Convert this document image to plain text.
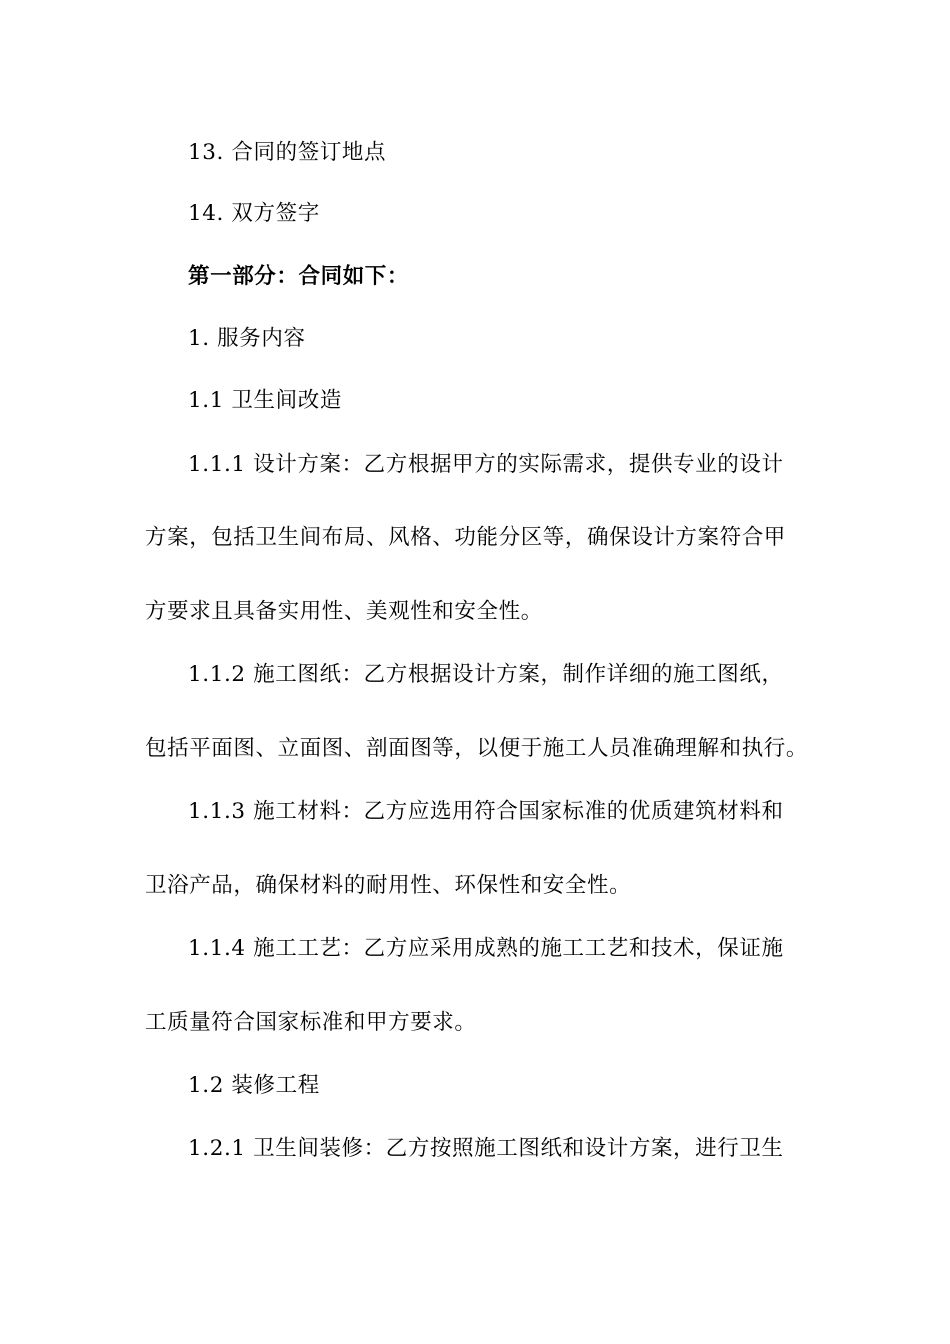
13. 合同的签订地点
14. 双方签字
第一部分：合同如下：
1. 服务内容
1.1 卫生间改造
1.1.1 设计方案：乙方根据甲方的实际需求，提供专业的设计
方案，包括卫生间布局、风格、功能分区等，确保设计方案符合甲
方要求且具备实用性、美观性和安全性。
1.1.2 施工图纸：乙方根据设计方案，制作详细的施工图纸，
包括平面图、立面图、剖面图等，以便于施工人员准确理解和执行。
1.1.3 施工材料：乙方应选用符合国家标准的优质建筑材料和
卫浴产品，确保材料的耐用性、环保性和安全性。
1.1.4 施工工艺：乙方应采用成熟的施工工艺和技术，保证施
工质量符合国家标准和甲方要求。
1.2 装修工程
1.2.1 卫生间装修：乙方按照施工图纸和设计方案，进行卫生
